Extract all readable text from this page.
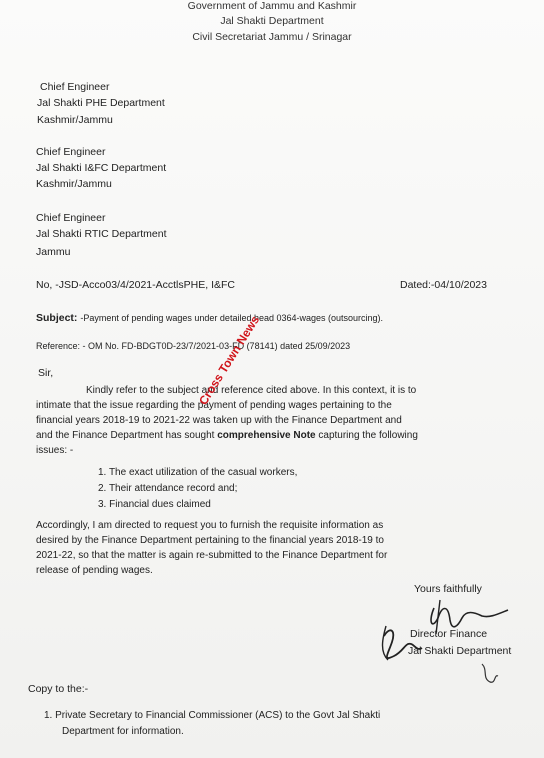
Government of Jammu and Kashmir
Jal Shakti Department
Civil Secretariat Jammu / Srinagar
Chief Engineer
Jal Shakti PHE Department
Kashmir/Jammu
Chief Engineer
Jal Shakti I&FC Department
Kashmir/Jammu
Chief Engineer
Jal Shakti RTIC Department
Jammu
No, -JSD-Acco03/4/2021-AcctlsPHE, I&FC	Dated:-04/10/2023
Subject: -Payment of pending wages under detailed head 0364-wages (outsourcing).
Reference: - OM No. FD-BDGT0D-23/7/2021-03-FD (78141) dated 25/09/2023
Sir,
Kindly refer to the subject and reference cited above. In this context, it is to
intimate that the issue regarding the payment of pending wages pertaining to the
financial years 2018-19 to 2021-22 was taken up with the Finance Department and
and the Finance Department has sought comprehensive Note capturing the following
issues: -
1. The exact utilization of the casual workers,
2. Their attendance record and;
3. Financial dues claimed
Accordingly, I am directed to request you to furnish the requisite information as
desired by the Finance Department pertaining to the financial years 2018-19 to
2021-22, so that the matter is again re-submitted to the Finance Department for
release of pending wages.
Yours faithfully
Director Finance
Jal Shakti Department
Copy to the:-
1. Private Secretary to Financial Commissioner (ACS) to the Govt Jal Shakti
Department for information.
Cross Town News
